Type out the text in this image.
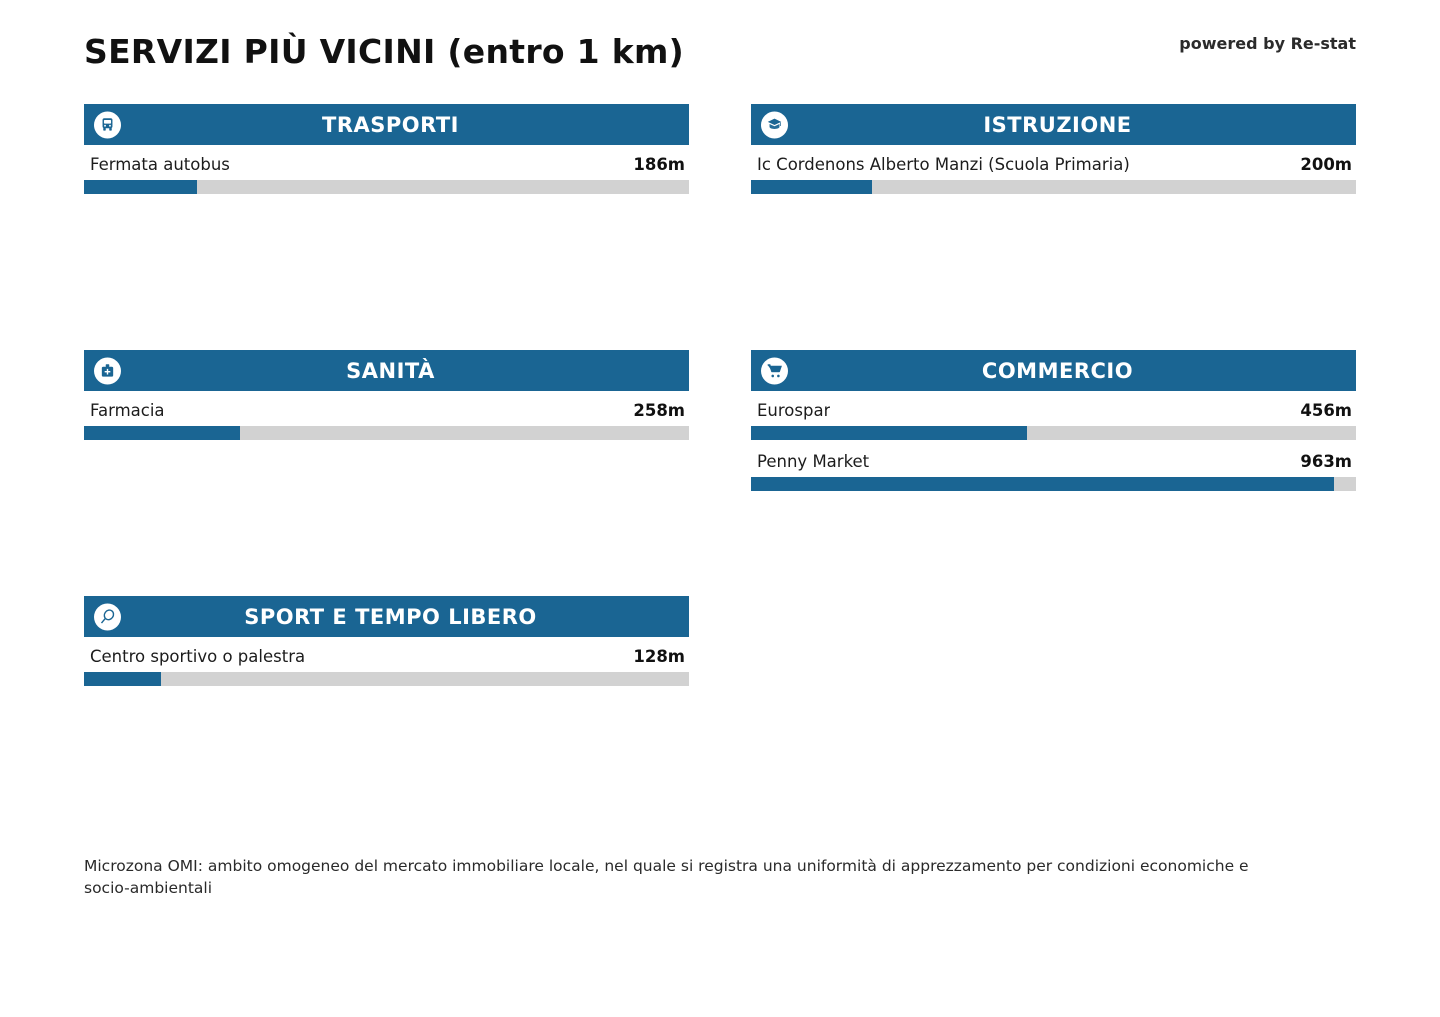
SERVIZI PIÙ VICINI (entro 1 km)	powered by Re-stat
TRASPORTI
Fermata autobus	186m
SANITÀ
Farmacia	258m
SPORT E TEMPO LIBERO
Centro sportivo o palestra	128m
ISTRUZIONE
Ic Cordenons Alberto Manzi (Scuola Primaria)	200m
COMMERCIO
Eurospar	456m
Penny Market	963m
Microzona OMI: ambito omogeneo del mercato immobiliare locale, nel quale si registra una uniformità di apprezzamento per condizioni economiche e socio-ambientali
